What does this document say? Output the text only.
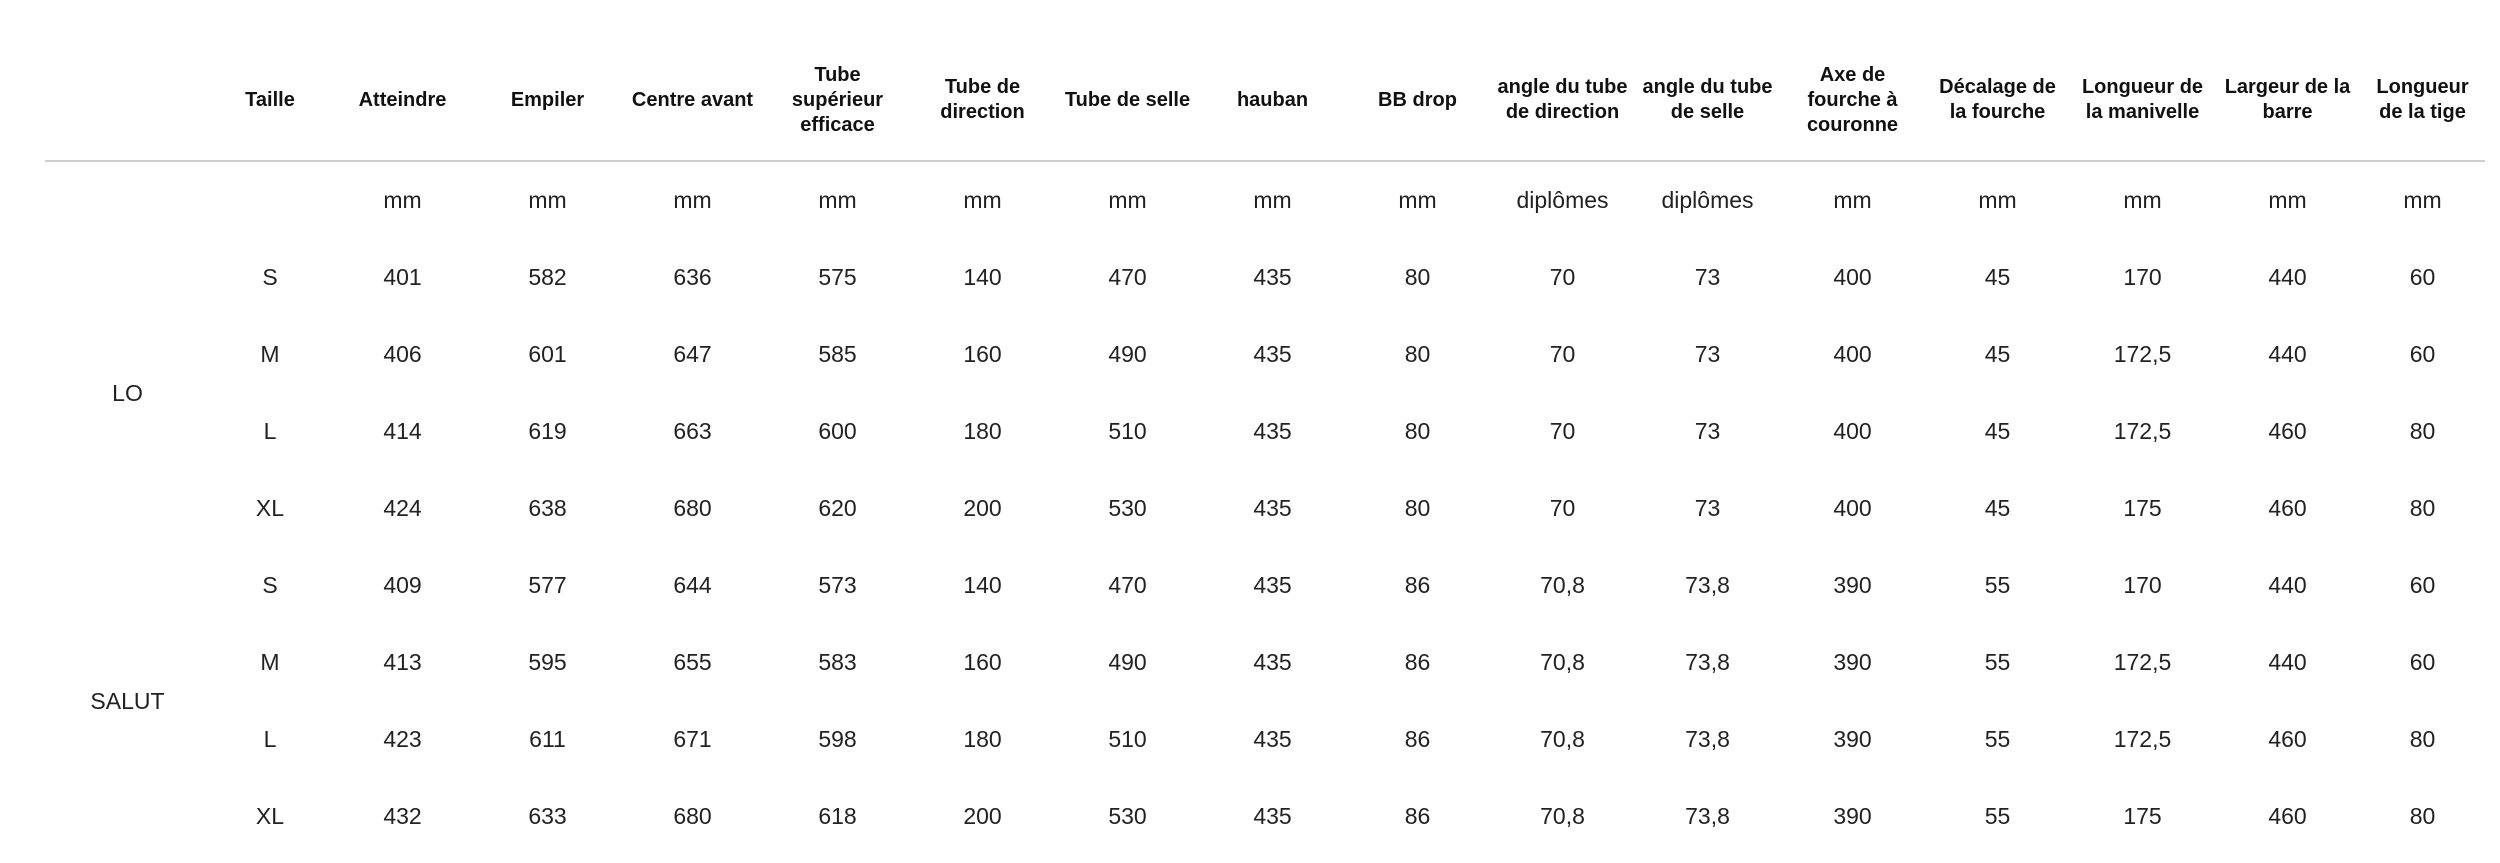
	Taille	Atteindre	Empiler	Centre avant	Tube supérieur efficace	Tube de direction	Tube de selle	hauban	BB drop	angle du tube de direction	angle du tube de selle	Axe de fourche à couronne	Décalage de la fourche	Longueur de la manivelle	Largeur de la barre	Longueur de la tige
		mm	mm	mm	mm	mm	mm	mm	mm	diplômes	diplômes	mm	mm	mm	mm	mm
LO	S	401	582	636	575	140	470	435	80	70	73	400	45	170	440	60
	M	406	601	647	585	160	490	435	80	70	73	400	45	172,5	440	60
	L	414	619	663	600	180	510	435	80	70	73	400	45	172,5	460	80
	XL	424	638	680	620	200	530	435	80	70	73	400	45	175	460	80
SALUT	S	409	577	644	573	140	470	435	86	70,8	73,8	390	55	170	440	60
	M	413	595	655	583	160	490	435	86	70,8	73,8	390	55	172,5	440	60
	L	423	611	671	598	180	510	435	86	70,8	73,8	390	55	172,5	460	80
	XL	432	633	680	618	200	530	435	86	70,8	73,8	390	55	175	460	80
